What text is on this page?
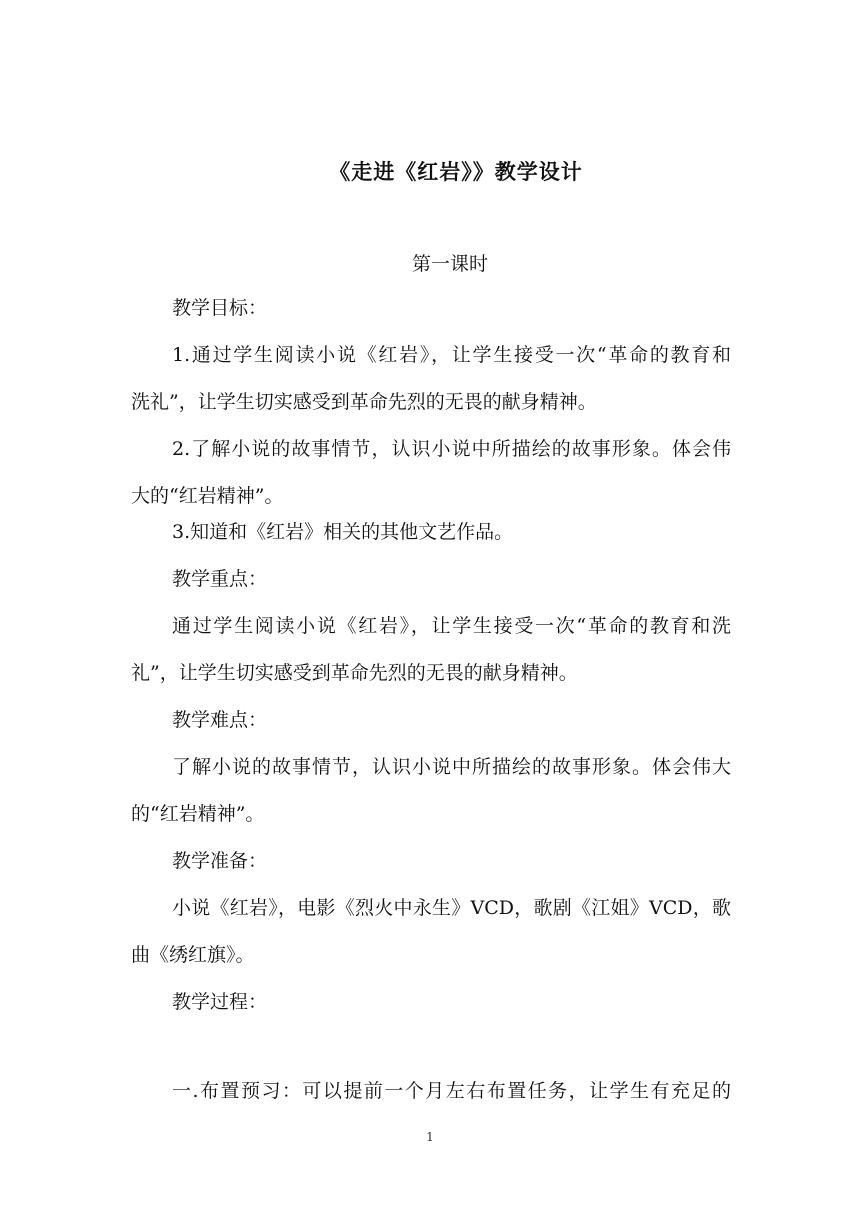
《走进《红岩》》教学设计
第一课时
教学目标：
1.通过学生阅读小说《红岩》，让学生接受一次“革命的教育和
洗礼”，让学生切实感受到革命先烈的无畏的献身精神。
2.了解小说的故事情节，认识小说中所描绘的故事形象。体会伟
大的“红岩精神”。
3.知道和《红岩》相关的其他文艺作品。
教学重点：
通过学生阅读小说《红岩》，让学生接受一次“革命的教育和洗
礼”，让学生切实感受到革命先烈的无畏的献身精神。
教学难点：
了解小说的故事情节，认识小说中所描绘的故事形象。体会伟大
的“红岩精神”。
教学准备：
小说《红岩》，电影《烈火中永生》VCD，歌剧《江姐》VCD，歌
曲《绣红旗》。
教学过程：
一.布置预习：可以提前一个月左右布置任务，让学生有充足的
1
